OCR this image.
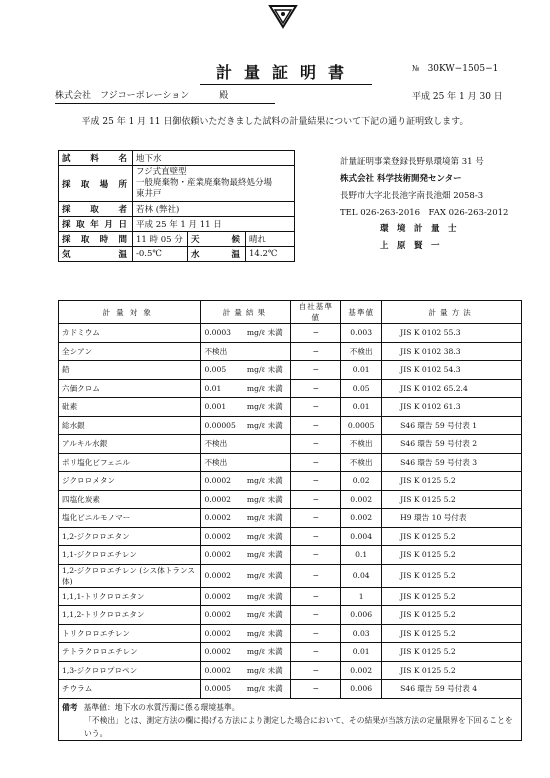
計量証明書	№ 30KW−1505−1
株式会社　フジコーポレーション	殿	平成 25 年 1 月 30 日
平成 25 年 1 月 11 日御依頼いただきました試料の計量結果について下記の通り証明致します。
試料名	地下水		
採取場所	フジ式直壁型
一般廃棄物・産業廃棄物最終処分場
東井戸		

採取者	若林 (弊社)		
採取年月日	平成 25 年 1 月 11 日		
採取時間	11 時 05 分	天候	晴れ
気温	-0.5℃	水温	14.2℃
計量証明事業登録長野県環境第 31 号
株式会社 科学技術開発センター
長野市大字北長池字南長池畑 2058-3
TEL 026-263-2016　FAX 026-263-2012
環　境　計　量　士
上　原　賢　一
計量対象	計量結果		自社基準値	基準値	計量方法
カドミウム	0.0003	mg/ℓ 未満	−	0.003	JIS K 0102 55.3
全シアン	不検出		−	不検出	JIS K 0102 38.3
鉛	0.005	mg/ℓ 未満	−	0.01	JIS K 0102 54.3
六価クロム	0.01	mg/ℓ 未満	−	0.05	JIS K 0102 65.2.4
砒素	0.001	mg/ℓ 未満	−	0.01	JIS K 0102 61.3
総水銀	0.00005	mg/ℓ 未満	−	0.0005	S46 環告 59 号付表 1
アルキル水銀	不検出		−	不検出	S46 環告 59 号付表 2
ポリ塩化ビフェニル	不検出		−	不検出	S46 環告 59 号付表 3
ジクロロメタン	0.0002	mg/ℓ 未満	−	0.02	JIS K 0125 5.2
四塩化炭素	0.0002	mg/ℓ 未満	−	0.002	JIS K 0125 5.2
塩化ビニルモノマー	0.0002	mg/ℓ 未満	−	0.002	H9 環告 10 号付表
1,2-ジクロロエタン	0.0002	mg/ℓ 未満	−	0.004	JIS K 0125 5.2
1,1-ジクロロエチレン	0.0002	mg/ℓ 未満	−	0.1	JIS K 0125 5.2
1,2-ジクロロエチレン (シス体トランス体)	0.0002	mg/ℓ 未満	−	0.04	JIS K 0125 5.2
1,1,1-トリクロロエタン	0.0002	mg/ℓ 未満	−	1	JIS K 0125 5.2
1,1,2-トリクロロエタン	0.0002	mg/ℓ 未満	−	0.006	JIS K 0125 5.2
トリクロロエチレン	0.0002	mg/ℓ 未満	−	0.03	JIS K 0125 5.2
テトラクロロエチレン	0.0002	mg/ℓ 未満	−	0.01	JIS K 0125 5.2
1,3-ジクロロプロペン	0.0002	mg/ℓ 未満	−	0.002	JIS K 0125 5.2
チウラム	0.0005	mg/ℓ 未満	−	0.006	S46 環告 59 号付表 4

備考 基準値：地下水の水質汚濁に係る環境基準。
「不検出」とは、測定方法の欄に掲げる方法により測定した場合において、その結果が当該方法の定量限界を下回ることをいう。					
